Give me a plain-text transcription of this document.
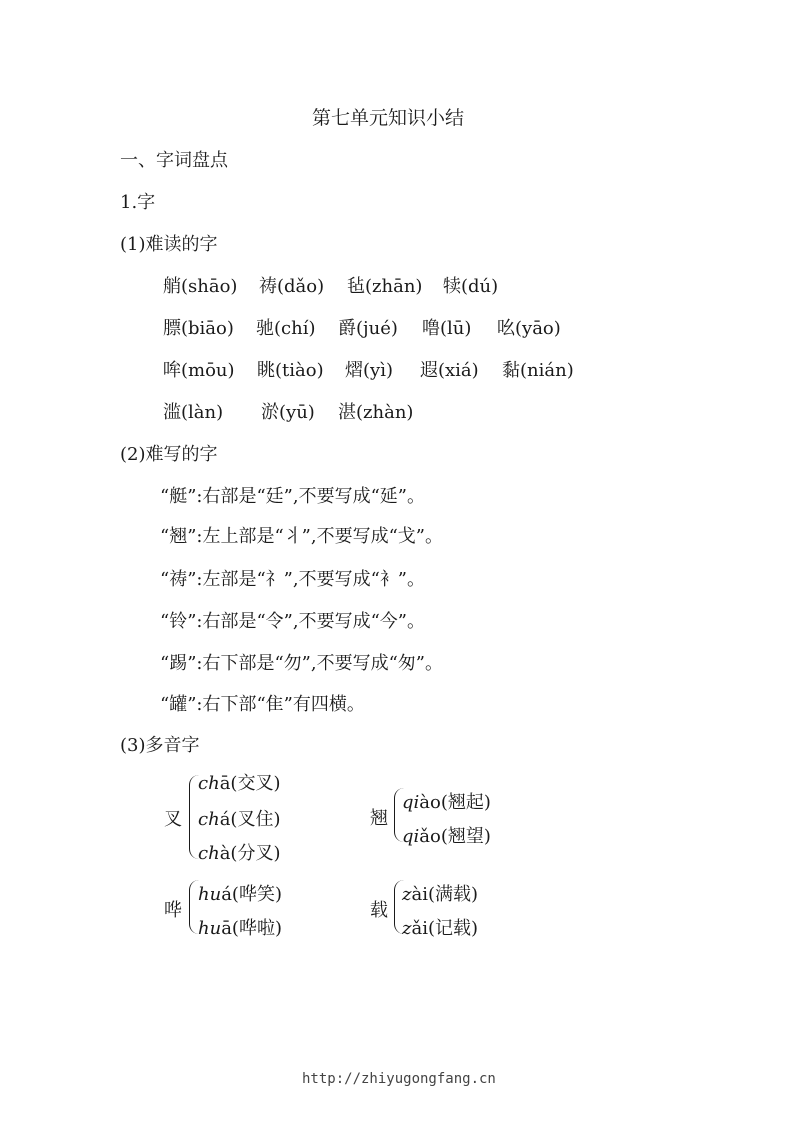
第七单元知识小结
一、字词盘点
1.字
(1)难读的字
艄(shāo) 祷(dǎo) 毡(zhān) 犊(dú)
膘(biāo) 驰(chí) 爵(jué) 噜(lū) 吆(yāo)
哞(mōu) 眺(tiào) 熠(yì) 遐(xiá) 黏(nián)
滥(làn) 淤(yū) 湛(zhàn)
(2)难写的字
“艇”:右部是“廷”,不要写成“延”。
“翘”:左上部是“⺦”,不要写成“戈”。
“祷”:左部是“礻”,不要写成“衤”。
“铃”:右部是“令”,不要写成“今”。
“踢”:右下部是“勿”,不要写成“匆”。
“罐”:右下部“隹”有四横。
(3)多音字
叉
chā(交叉)
chá(叉住)
chà(分叉)
翘
qiào(翘起)
qiǎo(翘望)
哗
huá(哗笑)
huā(哗啦)
载
zài(满载)
zǎi(记载)
http://zhiyugongfang.cn
